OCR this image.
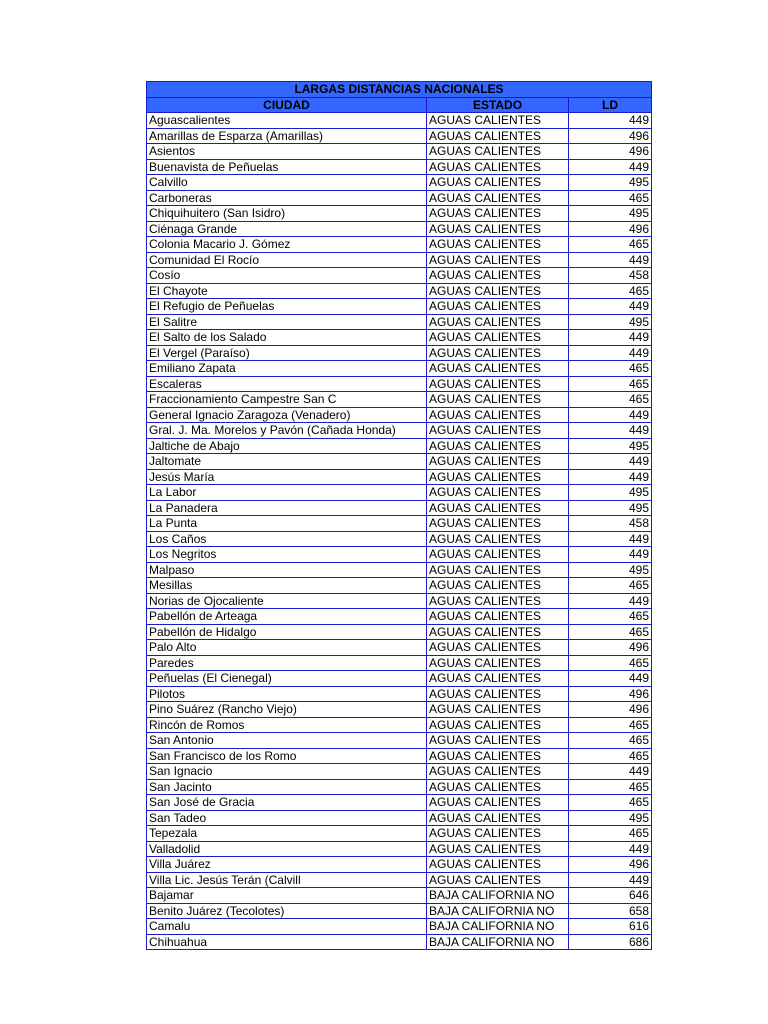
LARGAS DISTANCIAS NACIONALES		
CIUDAD	ESTADO	LD
Aguascalientes	AGUAS CALIENTES	449
Amarillas de Esparza (Amarillas)	AGUAS CALIENTES	496
Asientos	AGUAS CALIENTES	496
Buenavista de Peñuelas	AGUAS CALIENTES	449
Calvillo	AGUAS CALIENTES	495
Carboneras	AGUAS CALIENTES	465
Chiquihuitero (San Isidro)	AGUAS CALIENTES	495
Ciénaga Grande	AGUAS CALIENTES	496
Colonia Macario J. Gómez	AGUAS CALIENTES	465
Comunidad El Rocío	AGUAS CALIENTES	449
Cosío	AGUAS CALIENTES	458
El Chayote	AGUAS CALIENTES	465
El Refugio de Peñuelas	AGUAS CALIENTES	449
El Salitre	AGUAS CALIENTES	495
El Salto de los Salado	AGUAS CALIENTES	449
El Vergel (Paraíso)	AGUAS CALIENTES	449
Emiliano Zapata	AGUAS CALIENTES	465
Escaleras	AGUAS CALIENTES	465
Fraccionamiento Campestre San C	AGUAS CALIENTES	465
General Ignacio Zaragoza (Venadero)	AGUAS CALIENTES	449
Gral. J. Ma. Morelos y Pavón (Cañada Honda)	AGUAS CALIENTES	449
Jaltiche de Abajo	AGUAS CALIENTES	495
Jaltomate	AGUAS CALIENTES	449
Jesús María	AGUAS CALIENTES	449
La Labor	AGUAS CALIENTES	495
La Panadera	AGUAS CALIENTES	495
La Punta	AGUAS CALIENTES	458
Los Caños	AGUAS CALIENTES	449
Los Negritos	AGUAS CALIENTES	449
Malpaso	AGUAS CALIENTES	495
Mesillas	AGUAS CALIENTES	465
Norias de Ojocaliente	AGUAS CALIENTES	449
Pabellón de Arteaga	AGUAS CALIENTES	465
Pabellón de Hidalgo	AGUAS CALIENTES	465
Palo Alto	AGUAS CALIENTES	496
Paredes	AGUAS CALIENTES	465
Peñuelas (El Cienegal)	AGUAS CALIENTES	449
Pilotos	AGUAS CALIENTES	496
Pino Suárez (Rancho Viejo)	AGUAS CALIENTES	496
Rincón de Romos	AGUAS CALIENTES	465
San Antonio	AGUAS CALIENTES	465
San Francisco de los Romo	AGUAS CALIENTES	465
San Ignacio	AGUAS CALIENTES	449
San Jacinto	AGUAS CALIENTES	465
San José de Gracia	AGUAS CALIENTES	465
San Tadeo	AGUAS CALIENTES	495
Tepezala	AGUAS CALIENTES	465
Valladolid	AGUAS CALIENTES	449
Villa Juárez	AGUAS CALIENTES	496
Villa Lic. Jesús Terán (Calvill	AGUAS CALIENTES	449
Bajamar	BAJA CALIFORNIA NO	646
Benito Juárez (Tecolotes)	BAJA CALIFORNIA NO	658
Camalu	BAJA CALIFORNIA NO	616
Chihuahua	BAJA CALIFORNIA NO	686
